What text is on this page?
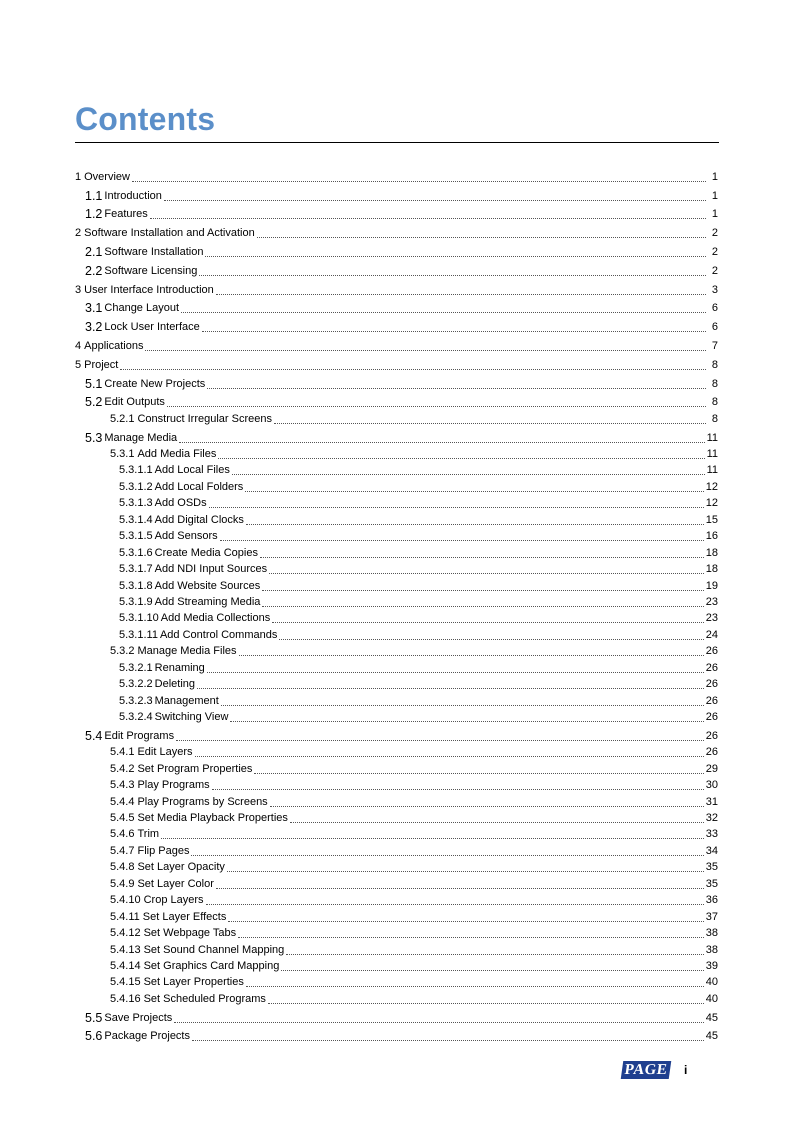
Contents
1 Overview	1
1.1 Introduction	1
1.2 Features	1
2 Software Installation and Activation	2
2.1 Software Installation	2
2.2 Software Licensing	2
3 User Interface Introduction	3
3.1 Change Layout	6
3.2 Lock User Interface	6
4 Applications	7
5 Project	8
5.1 Create New Projects	8
5.2 Edit Outputs	8
5.2.1 Construct Irregular Screens	8
5.3 Manage Media	11
5.3.1 Add Media Files	11
5.3.1.1 Add Local Files	11
5.3.1.2 Add Local Folders	12
5.3.1.3 Add OSDs	12
5.3.1.4 Add Digital Clocks	15
5.3.1.5 Add Sensors	16
5.3.1.6 Create Media Copies	18
5.3.1.7 Add NDI Input Sources	18
5.3.1.8 Add Website Sources	19
5.3.1.9 Add Streaming Media	23
5.3.1.10 Add Media Collections	23
5.3.1.11 Add Control Commands	24
5.3.2 Manage Media Files	26
5.3.2.1 Renaming	26
5.3.2.2 Deleting	26
5.3.2.3 Management	26
5.3.2.4 Switching View	26
5.4 Edit Programs	26
5.4.1 Edit Layers	26
5.4.2 Set Program Properties	29
5.4.3 Play Programs	30
5.4.4 Play Programs by Screens	31
5.4.5 Set Media Playback Properties	32
5.4.6 Trim	33
5.4.7 Flip Pages	34
5.4.8 Set Layer Opacity	35
5.4.9 Set Layer Color	35
5.4.10 Crop Layers	36
5.4.11 Set Layer Effects	37
5.4.12 Set Webpage Tabs	38
5.4.13 Set Sound Channel Mapping	38
5.4.14 Set Graphics Card Mapping	39
5.4.15 Set Layer Properties	40
5.4.16 Set Scheduled Programs	40
5.5 Save Projects	45
5.6 Package Projects	45
PAGE i
